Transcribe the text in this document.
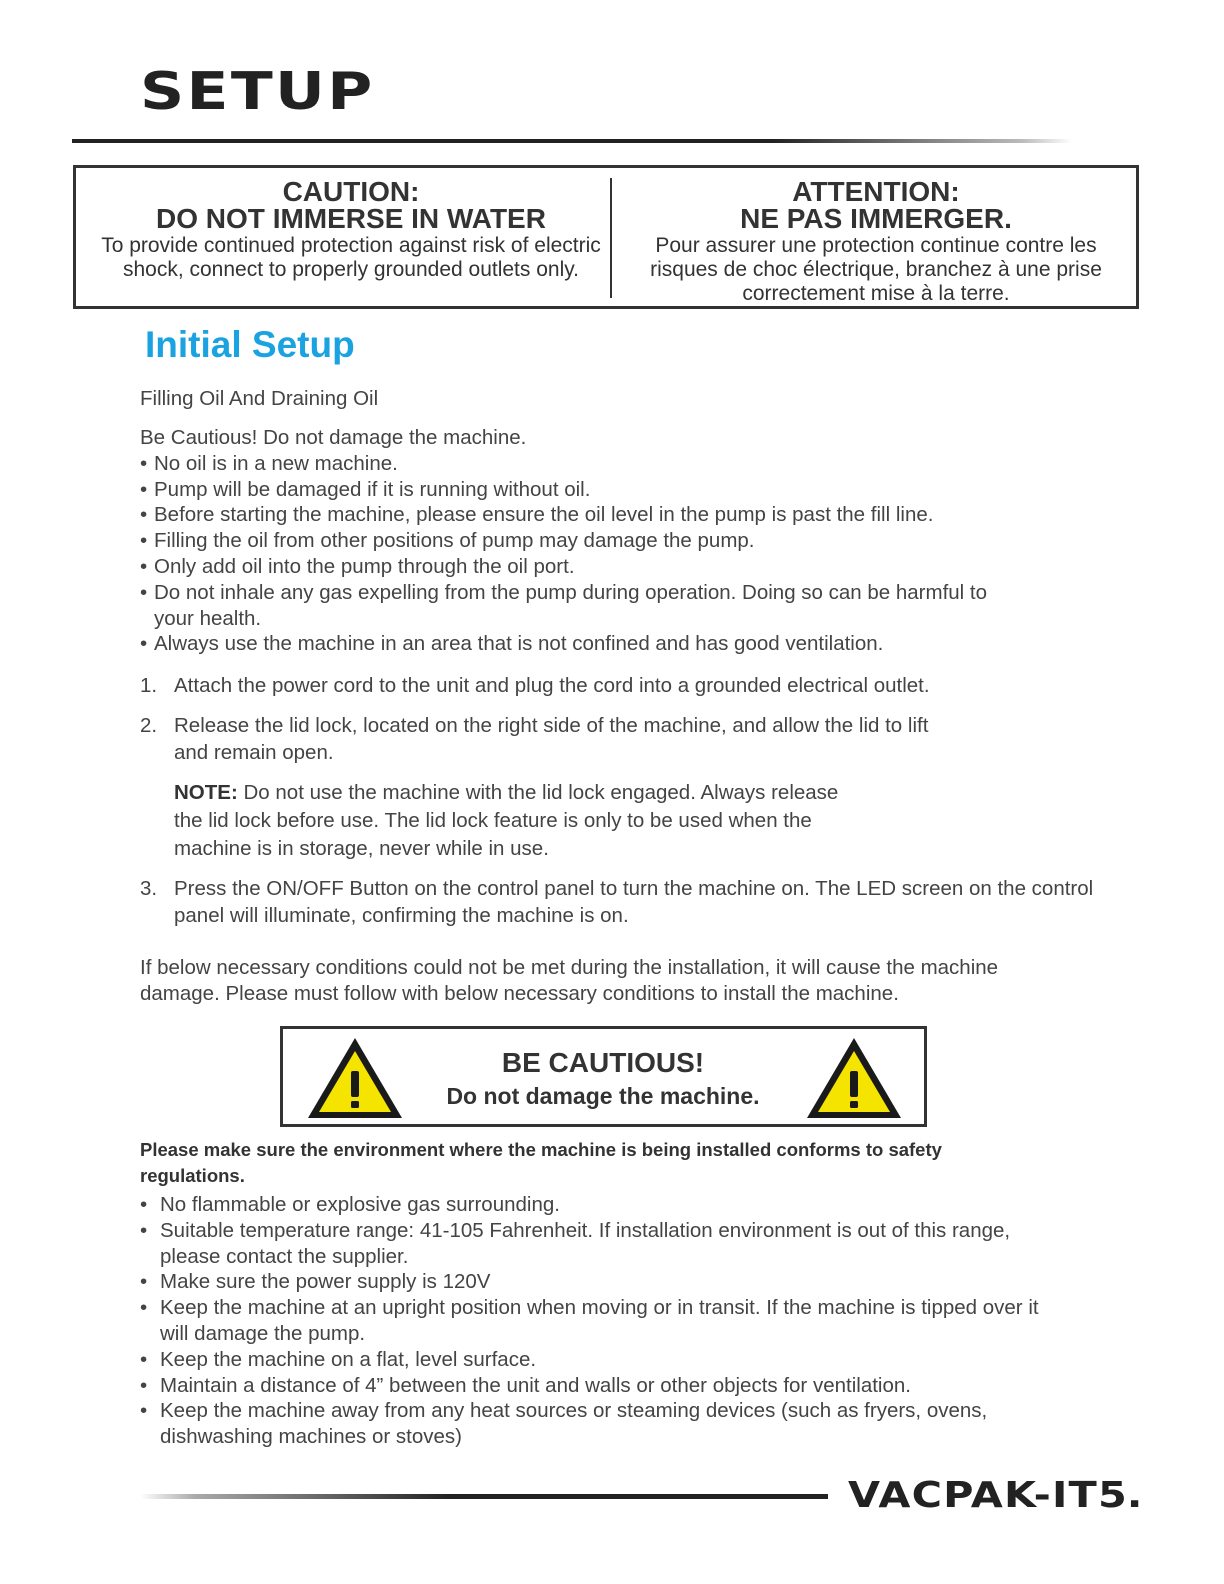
SETUP
CAUTION:
DO NOT IMMERSE IN WATER
To provide continued protection against risk of electric shock, connect to properly grounded outlets only.
ATTENTION:
NE PAS IMMERGER.
Pour assurer une protection continue contre les risques de choc électrique, branchez à une prise correctement mise à la terre.
Initial Setup
Filling Oil And Draining Oil
Be Cautious! Do not damage the machine.
• No oil is in a new machine.
• Pump will be damaged if it is running without oil.
• Before starting the machine, please ensure the oil level in the pump is past the fill line.
• Filling the oil from other positions of pump may damage the pump.
• Only add oil into the pump through the oil port.
• Do not inhale any gas expelling from the pump during operation. Doing so can be harmful to your health.
• Always use the machine in an area that is not confined and has good ventilation.
1. Attach the power cord to the unit and plug the cord into a grounded electrical outlet.
2. Release the lid lock, located on the right side of the machine, and allow the lid to lift and remain open.
NOTE: Do not use the machine with the lid lock engaged. Always release the lid lock before use. The lid lock feature is only to be used when the machine is in storage, never while in use.
3. Press the ON/OFF Button on the control panel to turn the machine on. The LED screen on the control panel will illuminate, confirming the machine is on.
If below necessary conditions could not be met during the installation, it will cause the machine damage. Please must follow with below necessary conditions to install the machine.
BE CAUTIOUS!
Do not damage the machine.
Please make sure the environment where the machine is being installed conforms to safety regulations.
• No flammable or explosive gas surrounding.
• Suitable temperature range: 41-105 Fahrenheit. If installation environment is out of this range, please contact the supplier.
• Make sure the power supply is 120V
• Keep the machine at an upright position when moving or in transit. If the machine is tipped over it will damage the pump.
• Keep the machine on a flat, level surface.
• Maintain a distance of 4” between the unit and walls or other objects for ventilation.
• Keep the machine away from any heat sources or steaming devices (such as fryers, ovens, dishwashing machines or stoves)
VACPAK-IT 5.
